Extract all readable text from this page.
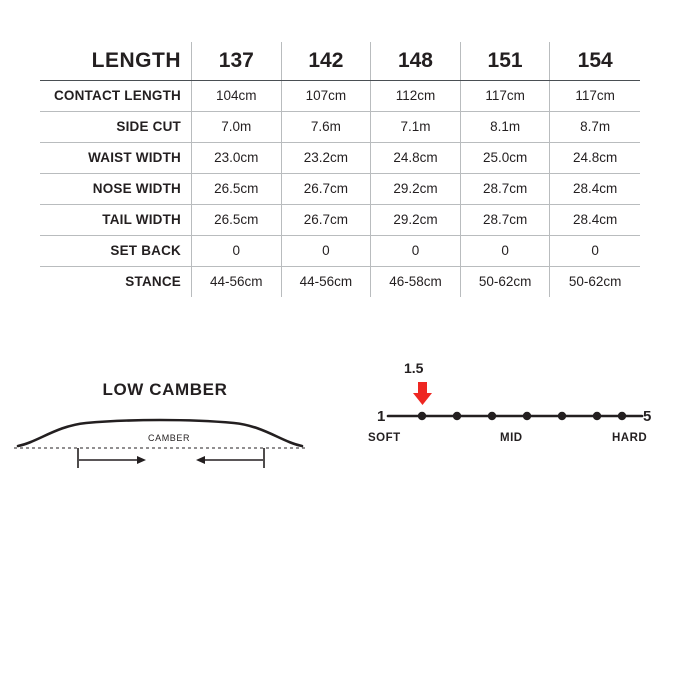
LENGTH	137	142	148	151	154
CONTACT LENGTH	104cm	107cm	112cm	117cm	117cm
SIDE CUT	7.0m	7.6m	7.1m	8.1m	8.7m
WAIST WIDTH	23.0cm	23.2cm	24.8cm	25.0cm	24.8cm
NOSE WIDTH	26.5cm	26.7cm	29.2cm	28.7cm	28.4cm
TAIL WIDTH	26.5cm	26.7cm	29.2cm	28.7cm	28.4cm
SET BACK	0	0	0	0	0
STANCE	44-56cm	44-56cm	46-58cm	50-62cm	50-62cm
LOW CAMBER
CAMBER
1.5
1	5
SOFT	MID	HARD
